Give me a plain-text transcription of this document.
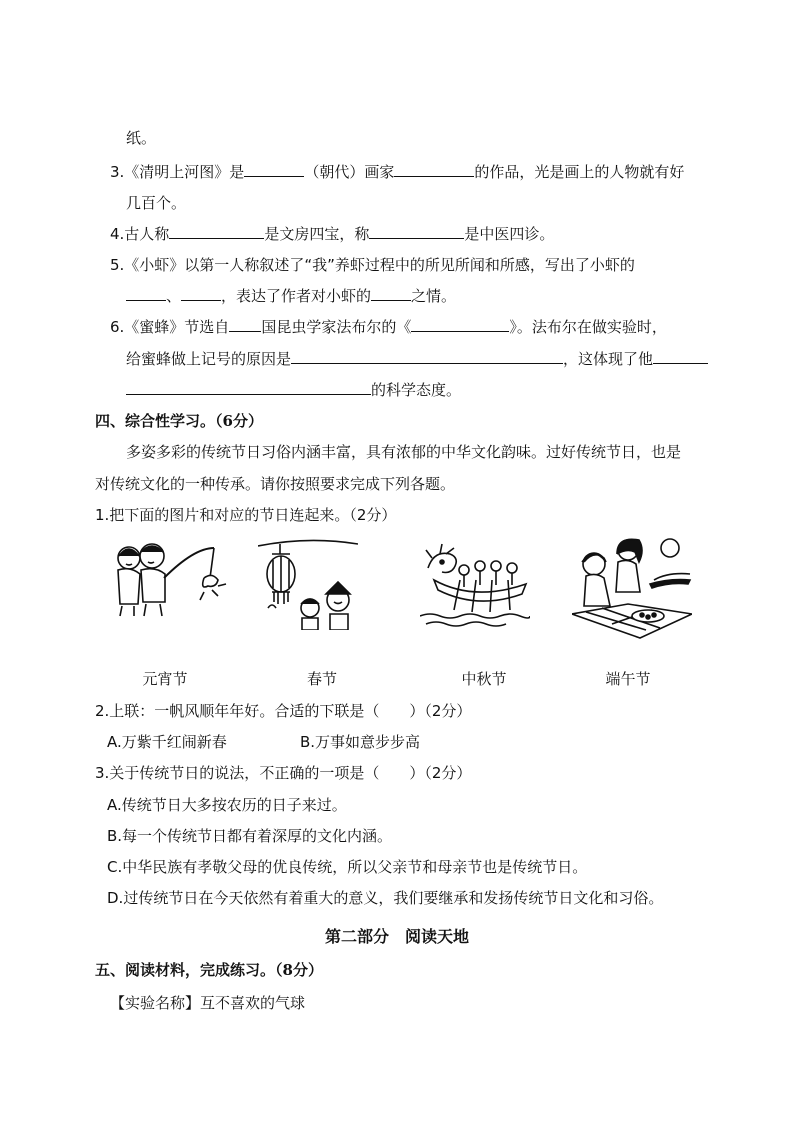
纸。
3.《清明上河图》是	（朝代）画家	的作品，光是画上的人物就有好
几百个。
4.古人称	是文房四宝，称	是中医四诊。
5.《小虾》以第一人称叙述了“我”养虾过程中的所见所闻和所感，写出了小虾的
、	，表达了作者对小虾的	之情。
6.《蜜蜂》节选自 国昆虫学家法布尔的《	》。法布尔在做实验时，
给蜜蜂做上记号的原因是	，这体现了他
的科学态度。
四、综合性学习。（6分）
多姿多彩的传统节日习俗内涵丰富，具有浓郁的中华文化韵味。过好传统节日，也是
对传统文化的一种传承。请你按照要求完成下列各题。
1.把下面的图片和对应的节日连起来。（2分）
元宵节	春节	中秋节	端午节
2.上联：一帆风顺年年好。合适的下联是（　　）（2分）
A.万紫千红闹新春	B.万事如意步步高
3.关于传统节日的说法，不正确的一项是（　　）（2分）
A.传统节日大多按农历的日子来过。
B.每一个传统节日都有着深厚的文化内涵。
C.中华民族有孝敬父母的优良传统，所以父亲节和母亲节也是传统节日。
D.过传统节日在今天依然有着重大的意义，我们要继承和发扬传统节日文化和习俗。
第二部分　阅读天地
五、阅读材料，完成练习。（8分）
【实验名称】互不喜欢的气球
